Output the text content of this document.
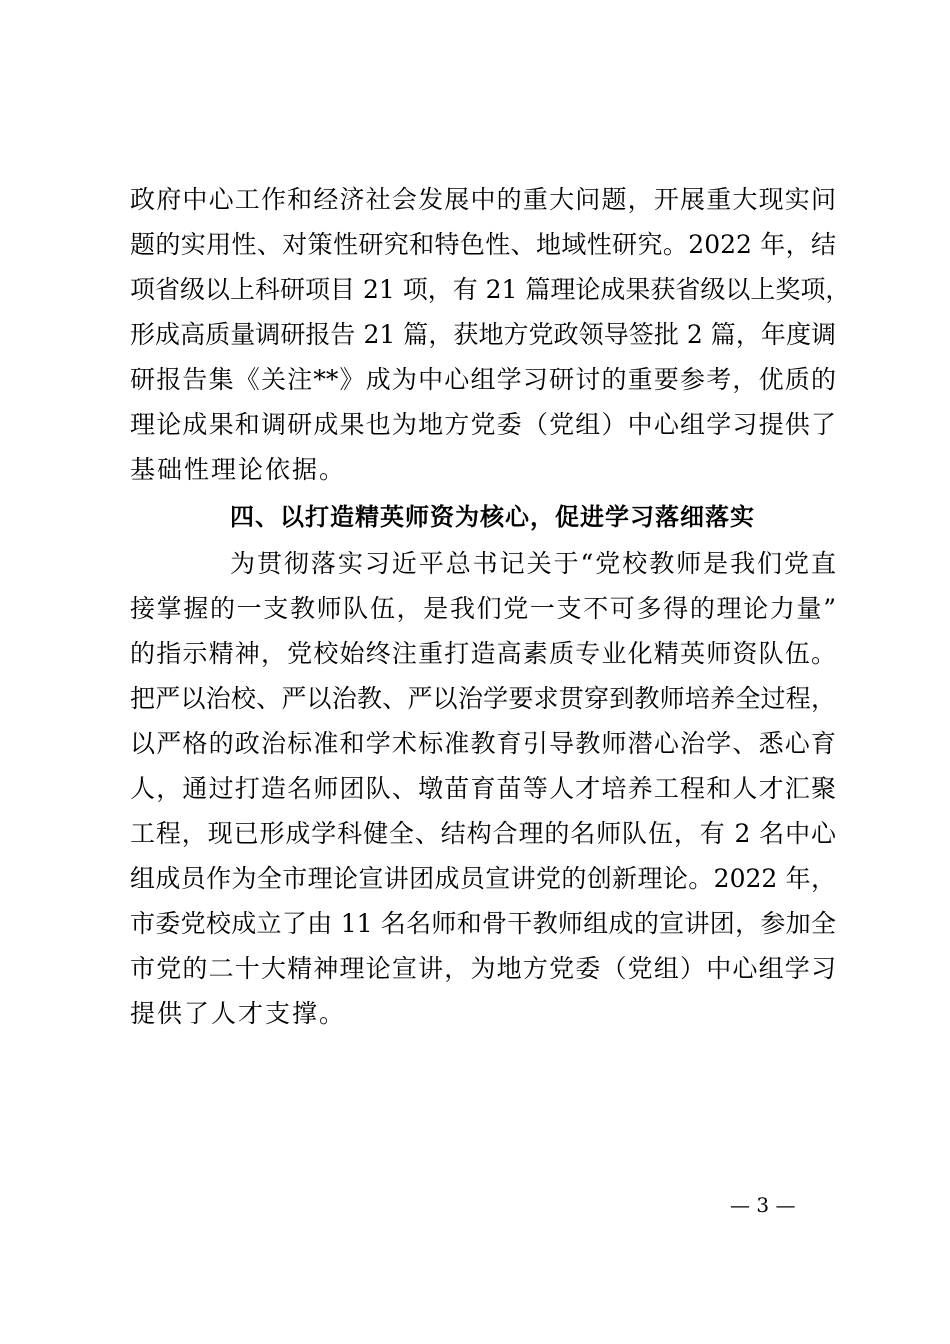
政府中心工作和经济社会发展中的重大问题，开展重大现实问
题的实用性、对策性研究和特色性、地域性研究。2022 年，结
项省级以上科研项目 21 项，有 21 篇理论成果获省级以上奖项，
形成高质量调研报告 21 篇，获地方党政领导签批 2 篇，年度调
研报告集《关注**》成为中心组学习研讨的重要参考，优质的
理论成果和调研成果也为地方党委（党组）中心组学习提供了
基础性理论依据。
四、以打造精英师资为核心，促进学习落细落实
为贯彻落实习近平总书记关于“党校教师是我们党直
接掌握的一支教师队伍，是我们党一支不可多得的理论力量”
的指示精神，党校始终注重打造高素质专业化精英师资队伍。
把严以治校、严以治教、严以治学要求贯穿到教师培养全过程，
以严格的政治标准和学术标准教育引导教师潜心治学、悉心育
人，通过打造名师团队、墩苗育苗等人才培养工程和人才汇聚
工程，现已形成学科健全、结构合理的名师队伍，有 2 名中心
组成员作为全市理论宣讲团成员宣讲党的创新理论。2022 年，
市委党校成立了由 11 名名师和骨干教师组成的宣讲团，参加全
市党的二十大精神理论宣讲，为地方党委（党组）中心组学习
提供了人才支撑。
— 3 —
